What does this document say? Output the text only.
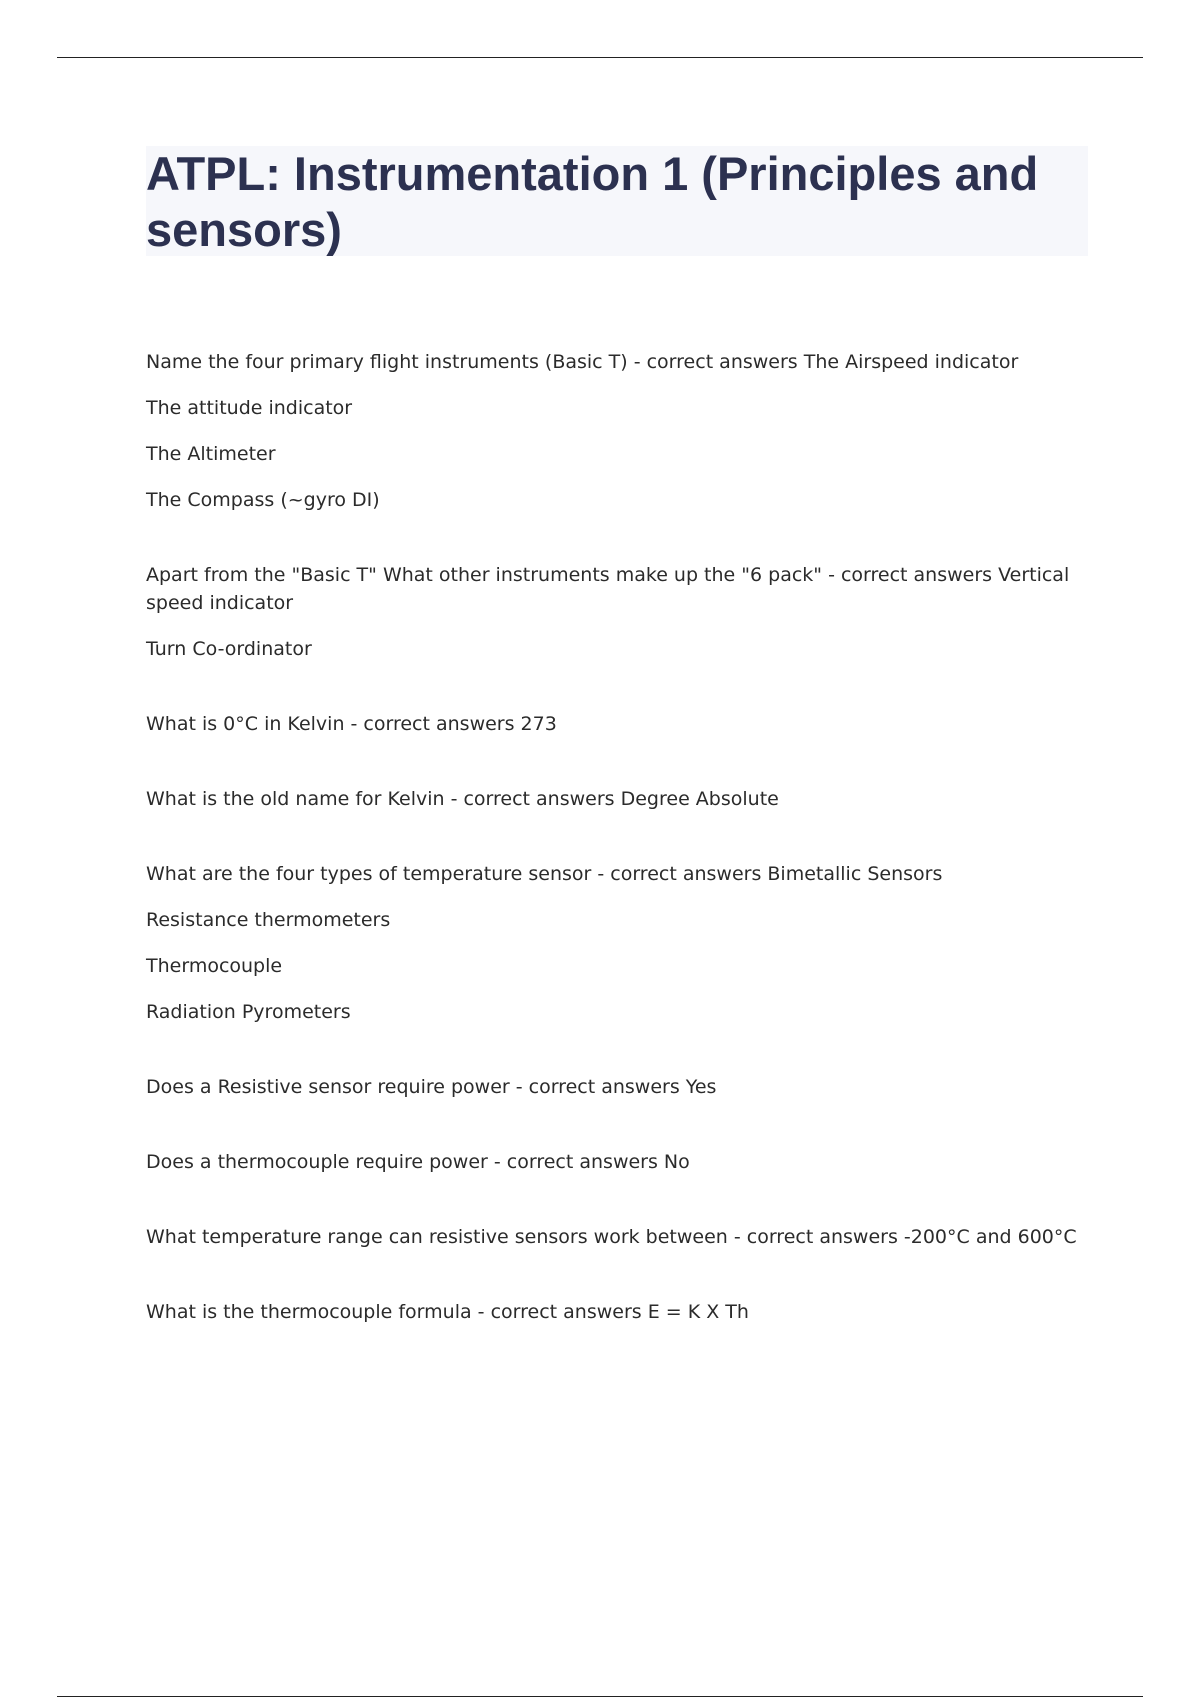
ATPL: Instrumentation 1 (Principles and sensors)

Name the four primary flight instruments (Basic T) - correct answers The Airspeed indicator

The attitude indicator

The Altimeter

The Compass (~gyro DI)

Apart from the "Basic T" What other instruments make up the "6 pack" - correct answers Vertical speed indicator

Turn Co-ordinator

What is 0°C in Kelvin - correct answers 273

What is the old name for Kelvin - correct answers Degree Absolute

What are the four types of temperature sensor - correct answers Bimetallic Sensors

Resistance thermometers

Thermocouple

Radiation Pyrometers

Does a Resistive sensor require power - correct answers Yes

Does a thermocouple require power - correct answers No

What temperature range can resistive sensors work between - correct answers -200°C and 600°C

What is the thermocouple formula - correct answers E = K X Th
